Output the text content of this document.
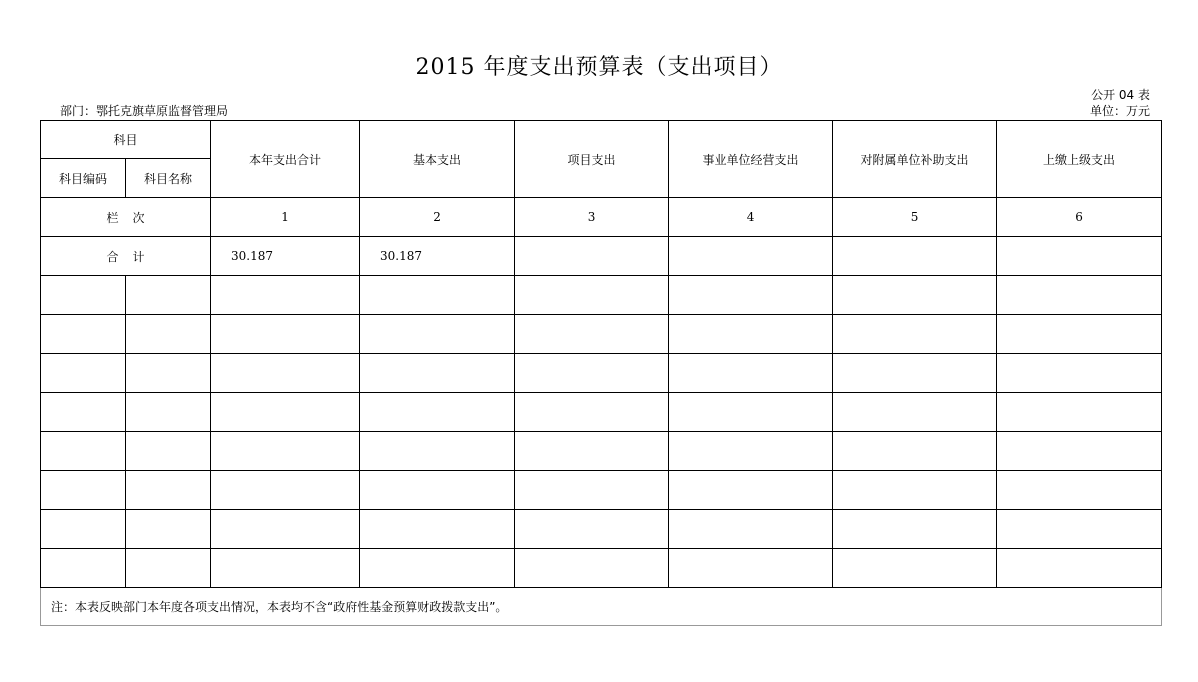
2015 年度支出预算表（支出项目）
部门：鄂托克旗草原监督管理局
公开 04 表
单位：万元
科目		本年支出合计	基本支出	项目支出	事业单位经营支出	对附属单位补助支出	上缴上级支出
科目编码	科目名称						
栏次		1	2	3	4	5	6
合计		30.187	30.187				

注：本表反映部门本年度各项支出情况，本表均不含“政府性基金预算财政拨款支出”。							
